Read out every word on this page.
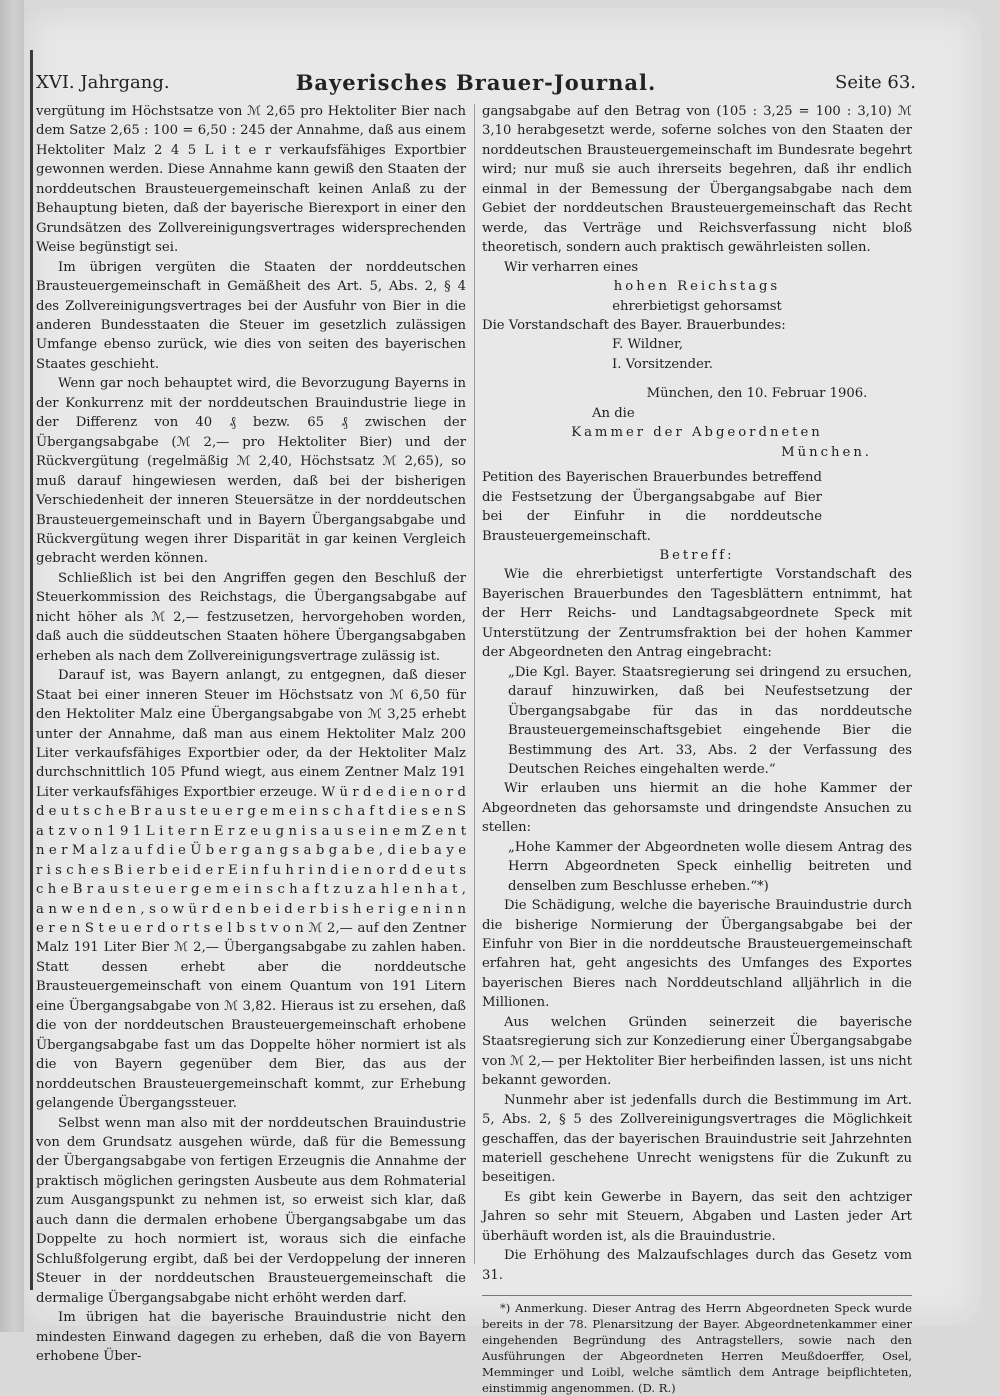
XVI. Jahrgang.	Bayerisches Brauer-Journal.	Seite 63.

vergütung im Höchstsatze von ℳ 2,65 pro Hektoliter Bier nach dem Satze 2,65 : 100 = 6,50 : 245 der Annahme, daß aus einem Hektoliter Malz 2 4 5 L i t e r verkaufsfähiges Exportbier gewonnen werden. Diese Annahme kann gewiß den Staaten der norddeutschen Brausteuergemeinschaft keinen Anlaß zu der Behauptung bieten, daß der bayerische Bierexport in einer den Grundsätzen des Zollvereinigungsvertrages widersprechenden Weise begünstigt sei.

Im übrigen vergüten die Staaten der norddeutschen Brausteuergemeinschaft in Gemäßheit des Art. 5, Abs. 2, § 4 des Zollvereinigungsvertrages bei der Ausfuhr von Bier in die anderen Bundesstaaten die Steuer im gesetzlich zulässigen Umfange ebenso zurück, wie dies von seiten des bayerischen Staates geschieht.

Wenn gar noch behauptet wird, die Bevorzugung Bayerns in der Konkurrenz mit der norddeutschen Brauindustrie liege in der Differenz von 40 ₰ bezw. 65 ₰ zwischen der Übergangsabgabe (ℳ 2,— pro Hektoliter Bier) und der Rückvergütung (regelmäßig ℳ 2,40, Höchstsatz ℳ 2,65), so muß darauf hingewiesen werden, daß bei der bisherigen Verschiedenheit der inneren Steuersätze in der norddeutschen Brausteuergemeinschaft und in Bayern Übergangsabgabe und Rückvergütung wegen ihrer Disparität in gar keinen Vergleich gebracht werden können.

Schließlich ist bei den Angriffen gegen den Beschluß der Steuerkommission des Reichstags, die Übergangsabgabe auf nicht höher als ℳ 2,— festzusetzen, hervorgehoben worden, daß auch die süddeutschen Staaten höhere Übergangsabgaben erheben als nach dem Zollvereinigungsvertrage zulässig ist.

Darauf ist, was Bayern anlangt, zu entgegnen, daß dieser Staat bei einer inneren Steuer im Höchstsatz von ℳ 6,50 für den Hektoliter Malz eine Übergangsabgabe von ℳ 3,25 erhebt unter der Annahme, daß man aus einem Hektoliter Malz 200 Liter verkaufsfähiges Exportbier oder, da der Hektoliter Malz durchschnittlich 105 Pfund wiegt, aus einem Zentner Malz 191 Liter verkaufsfähiges Exportbier erzeuge. W ü r d e d i e n o r d d e u t s c h e B r a u s t e u e r g e m e i n s c h a f t d i e s e n S a t z v o n 1 9 1 L i t e r n E r z e u g n i s a u s e i n e m Z e n t n e r M a l z a u f d i e Ü b e r g a n g s a b g a b e , d i e b a y e r i s c h e s B i e r b e i d e r E i n f u h r i n d i e n o r d d e u t s c h e B r a u s t e u e r g e m e i n s c h a f t z u z a h l e n h a t , a n w e n d e n , s o w ü r d e n b e i d e r b i s h e r i g e n i n n e r e n S t e u e r d o r t s e l b s t v o n ℳ 2,— auf den Zentner Malz 191 Liter Bier ℳ 2,— Übergangsabgabe zu zahlen haben. Statt dessen erhebt aber die norddeutsche Brausteuergemeinschaft von einem Quantum von 191 Litern eine Übergangsabgabe von ℳ 3,82. Hieraus ist zu ersehen, daß die von der norddeutschen Brausteuergemeinschaft erhobene Übergangsabgabe fast um das Doppelte höher normiert ist als die von Bayern gegenüber dem Bier, das aus der norddeutschen Brausteuergemeinschaft kommt, zur Erhebung gelangende Übergangssteuer.

Selbst wenn man also mit der norddeutschen Brauindustrie von dem Grundsatz ausgehen würde, daß für die Bemessung der Übergangsabgabe von fertigen Erzeugnis die Annahme der praktisch möglichen geringsten Ausbeute aus dem Rohmaterial zum Ausgangspunkt zu nehmen ist, so erweist sich klar, daß auch dann die dermalen erhobene Übergangsabgabe um das Doppelte zu hoch normiert ist, woraus sich die einfache Schlußfolgerung ergibt, daß bei der Verdoppelung der inneren Steuer in der norddeutschen Brausteuergemeinschaft die dermalige Übergangsabgabe nicht erhöht werden darf.

Im übrigen hat die bayerische Brauindustrie nicht den mindesten Einwand dagegen zu erheben, daß die von Bayern erhobene Über-

gangsabgabe auf den Betrag von (105 : 3,25 = 100 : 3,10) ℳ 3,10 herabgesetzt werde, soferne solches von den Staaten der norddeutschen Brausteuergemeinschaft im Bundesrate begehrt wird; nur muß sie auch ihrerseits begehren, daß ihr endlich einmal in der Bemessung der Übergangsabgabe nach dem Gebiet der norddeutschen Brausteuergemeinschaft das Recht werde, das Verträge und Reichsverfassung nicht bloß theoretisch, sondern auch praktisch gewährleisten sollen.

Wir verharren eines

hohen Reichstags

ehrerbietigst gehorsamst

Die Vorstandschaft des Bayer. Brauerbundes:

F. Wildner,

I. Vorsitzender.

München, den 10. Februar 1906.

An die

Kammer der Abgeordneten

München.

Petition des Bayerischen Brauerbundes betreffend die Festsetzung der Übergangsabgabe auf Bier bei der Einfuhr in die norddeutsche Brausteuergemeinschaft.

Betreff:

Wie die ehrerbietigst unterfertigte Vorstandschaft des Bayerischen Brauerbundes den Tagesblättern entnimmt, hat der Herr Reichs- und Landtagsabgeordnete Speck mit Unterstützung der Zentrumsfraktion bei der hohen Kammer der Abgeordneten den Antrag eingebracht:

„Die Kgl. Bayer. Staatsregierung sei dringend zu ersuchen, darauf hinzuwirken, daß bei Neufestsetzung der Übergangsabgabe für das in das norddeutsche Brausteuergemeinschaftsgebiet eingehende Bier die Bestimmung des Art. 33, Abs. 2 der Verfassung des Deutschen Reiches eingehalten werde.“

Wir erlauben uns hiermit an die hohe Kammer der Abgeordneten das gehorsamste und dringendste Ansuchen zu stellen:

„Hohe Kammer der Abgeordneten wolle diesem Antrag des Herrn Abgeordneten Speck einhellig beitreten und denselben zum Beschlusse erheben.“*)

Die Schädigung, welche die bayerische Brauindustrie durch die bisherige Normierung der Übergangsabgabe bei der Einfuhr von Bier in die norddeutsche Brausteuergemeinschaft erfahren hat, geht angesichts des Umfanges des Exportes bayerischen Bieres nach Norddeutschland alljährlich in die Millionen.

Aus welchen Gründen seinerzeit die bayerische Staatsregierung sich zur Konzedierung einer Übergangsabgabe von ℳ 2,— per Hektoliter Bier herbeifinden lassen, ist uns nicht bekannt geworden.

Nunmehr aber ist jedenfalls durch die Bestimmung im Art. 5, Abs. 2, § 5 des Zollvereinigungsvertrages die Möglichkeit geschaffen, das der bayerischen Brauindustrie seit Jahrzehnten materiell geschehene Unrecht wenigstens für die Zukunft zu beseitigen.

Es gibt kein Gewerbe in Bayern, das seit den achtziger Jahren so sehr mit Steuern, Abgaben und Lasten jeder Art überhäuft worden ist, als die Brauindustrie.

Die Erhöhung des Malzaufschlages durch das Gesetz vom 31.

*) Anmerkung. Dieser Antrag des Herrn Abgeordneten Speck wurde bereits in der 78. Plenarsitzung der Bayer. Abgeordnetenkammer einer eingehenden Begründung des Antragstellers, sowie nach den Ausführungen der Abgeordneten Herren Meußdoerffer, Osel, Memminger und Loibl, welche sämtlich dem Antrage beipflichteten, einstimmig angenommen. (D. R.)
